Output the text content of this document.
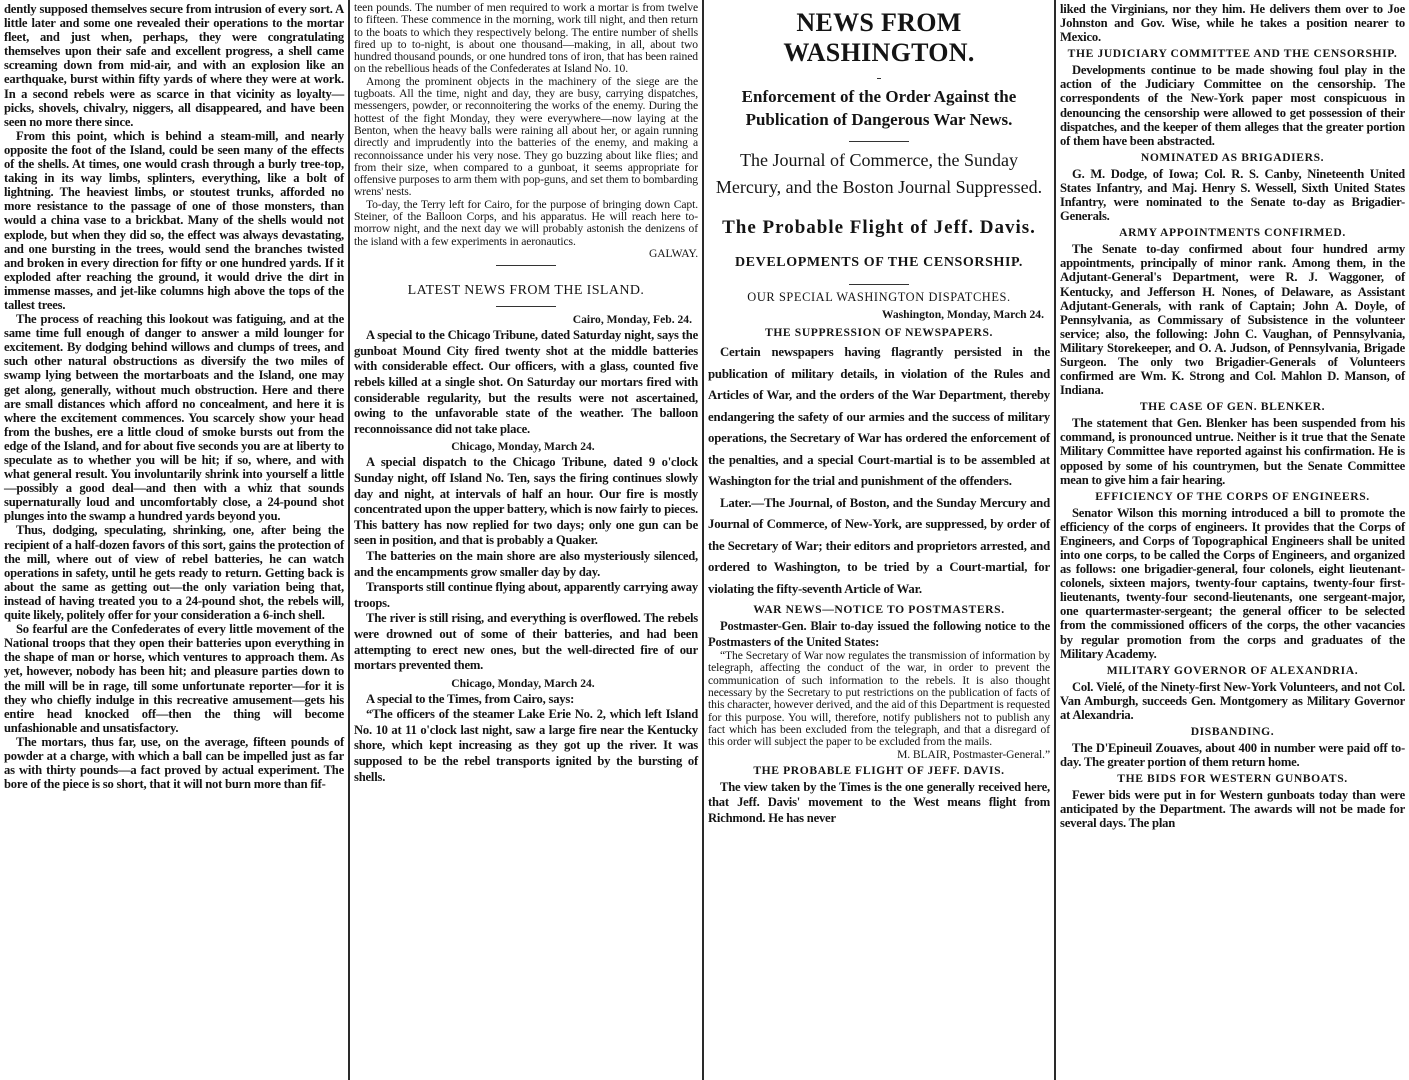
dently supposed themselves secure from intrusion of every sort. A little later and some one revealed their operations to the mortar fleet, and just when, perhaps, they were congratulating themselves upon their safe and excellent progress, a shell came screaming down from mid-air, and with an explosion like an earthquake, burst within fifty yards of where they were at work. In a second rebels were as scarce in that vicinity as loyalty—picks, shovels, chivalry, niggers, all disappeared, and have been seen no more there since.

From this point, which is behind a steam-mill, and nearly opposite the foot of the Island, could be seen many of the effects of the shells. At times, one would crash through a burly tree-top, taking in its way limbs, splinters, everything, like a bolt of lightning. The heaviest limbs, or stoutest trunks, afforded no more resistance to the passage of one of those monsters, than would a china vase to a brickbat. Many of the shells would not explode, but when they did so, the effect was always devastating, and one bursting in the trees, would send the branches twisted and broken in every direction for fifty or one hundred yards. If it exploded after reaching the ground, it would drive the dirt in immense masses, and jet-like columns high above the tops of the tallest trees.

The process of reaching this lookout was fatiguing, and at the same time full enough of danger to answer a mild lounger for excitement. By dodging behind willows and clumps of trees, and such other natural obstructions as diversify the two miles of swamp lying between the mortarboats and the Island, one may get along, generally, without much obstruction. Here and there are small distances which afford no concealment, and here it is where the excitement commences. You scarcely show your head from the bushes, ere a little cloud of smoke bursts out from the edge of the Island, and for about five seconds you are at liberty to speculate as to whether you will be hit; if so, where, and with what general result. You involuntarily shrink into yourself a little—possibly a good deal—and then with a whiz that sounds supernaturally loud and uncomfortably close, a 24-pound shot plunges into the swamp a hundred yards beyond you.

Thus, dodging, speculating, shrinking, one, after being the recipient of a half-dozen favors of this sort, gains the protection of the mill, where out of view of rebel batteries, he can watch operations in safety, until he gets ready to return. Getting back is about the same as getting out—the only variation being that, instead of having treated you to a 24-pound shot, the rebels will, quite likely, politely offer for your consideration a 6-inch shell.

So fearful are the Confederates of every little movement of the National troops that they open their batteries upon everything in the shape of man or horse, which ventures to approach them. As yet, however, nobody has been hit; and pleasure parties down to the mill will be in rage, till some unfortunate reporter—for it is they who chiefly indulge in this recreative amusement—gets his entire head knocked off—then the thing will become unfashionable and unsatisfactory.

The mortars, thus far, use, on the average, fifteen pounds of powder at a charge, with which a ball can be impelled just as far as with thirty pounds—a fact proved by actual experiment. The bore of the piece is so short, that it will not burn more than fif-

teen pounds. The number of men required to work a mortar is from twelve to fifteen. These commence in the morning, work till night, and then return to the boats to which they respectively belong. The entire number of shells fired up to to-night, is about one thousand—making, in all, about two hundred thousand pounds, or one hundred tons of iron, that has been rained on the rebellious heads of the Confederates at Island No. 10.

Among the prominent objects in the machinery of the siege are the tugboats. All the time, night and day, they are busy, carrying dispatches, messengers, powder, or reconnoitering the works of the enemy. During the hottest of the fight Monday, they were everywhere—now laying at the Benton, when the heavy balls were raining all about her, or again running directly and imprudently into the batteries of the enemy, and making a reconnoissance under his very nose. They go buzzing about like flies; and from their size, when compared to a gunboat, it seems appropriate for offensive purposes to arm them with pop-guns, and set them to bombarding wrens' nests.

To-day, the Terry left for Cairo, for the purpose of bringing down Capt. Steiner, of the Balloon Corps, and his apparatus. He will reach here to-morrow night, and the next day we will probably astonish the denizens of the island with a few experiments in aeronautics.

GALWAY.

LATEST NEWS FROM THE ISLAND.
Cairo, Monday, Feb. 24.

A special to the Chicago Tribune, dated Saturday night, says the gunboat Mound City fired twenty shot at the middle batteries with considerable effect. Our officers, with a glass, counted five rebels killed at a single shot. On Saturday our mortars fired with considerable regularity, but the results were not ascertained, owing to the unfavorable state of the weather. The balloon reconnoissance did not take place.

Chicago, Monday, March 24.

A special dispatch to the Chicago Tribune, dated 9 o'clock Sunday night, off Island No. Ten, says the firing continues slowly day and night, at intervals of half an hour. Our fire is mostly concentrated upon the upper battery, which is now fairly to pieces. This battery has now replied for two days; only one gun can be seen in position, and that is probably a Quaker.

The batteries on the main shore are also mysteriously silenced, and the encampments grow smaller day by day.

Transports still continue flying about, apparently carrying away troops.

The river is still rising, and everything is overflowed. The rebels were drowned out of some of their batteries, and had been attempting to erect new ones, but the well-directed fire of our mortars prevented them.

Chicago, Monday, March 24.

A special to the Times, from Cairo, says:

“The officers of the steamer Lake Erie No. 2, which left Island No. 10 at 11 o'clock last night, saw a large fire near the Kentucky shore, which kept increasing as they got up the river. It was supposed to be the rebel transports ignited by the bursting of shells.

NEWS FROM WASHINGTON.
Enforcement of the Order Against the Publication of Dangerous War News.
The Journal of Commerce, the Sunday Mercury, and the Boston Journal Suppressed.
The Probable Flight of Jeff. Davis.
DEVELOPMENTS OF THE CENSORSHIP.
OUR SPECIAL WASHINGTON DISPATCHES.
Washington, Monday, March 24.
THE SUPPRESSION OF NEWSPAPERS.

Certain newspapers having flagrantly persisted in the publication of military details, in violation of the Rules and Articles of War, and the orders of the War Department, thereby endangering the safety of our armies and the success of military operations, the Secretary of War has ordered the enforcement of the penalties, and a special Court-martial is to be assembled at Washington for the trial and punishment of the offenders.

Later.—The Journal, of Boston, and the Sunday Mercury and Journal of Commerce, of New-York, are suppressed, by order of the Secretary of War; their editors and proprietors arrested, and ordered to Washington, to be tried by a Court-martial, for violating the fifty-seventh Article of War.

WAR NEWS—NOTICE TO POSTMASTERS.

Postmaster-Gen. Blair to-day issued the following notice to the Postmasters of the United States:

“The Secretary of War now regulates the transmission of information by telegraph, affecting the conduct of the war, in order to prevent the communication of such information to the rebels. It is also thought necessary by the Secretary to put restrictions on the publication of facts of this character, however derived, and the aid of this Department is requested for this purpose. You will, therefore, notify publishers not to publish any fact which has been excluded from the telegraph, and that a disregard of this order will subject the paper to be excluded from the mails.

M. BLAIR, Postmaster-General.”

THE PROBABLE FLIGHT OF JEFF. DAVIS.

The view taken by the Times is the one generally received here, that Jeff. Davis' movement to the West means flight from Richmond. He has never

liked the Virginians, nor they him. He delivers them over to Joe Johnston and Gov. Wise, while he takes a position nearer to Mexico.

THE JUDICIARY COMMITTEE AND THE CENSORSHIP.

Developments continue to be made showing foul play in the action of the Judiciary Committee on the censorship. The correspondents of the New-York paper most conspicuous in denouncing the censorship were allowed to get possession of their dispatches, and the keeper of them alleges that the greater portion of them have been abstracted.

NOMINATED AS BRIGADIERS.

G. M. Dodge, of Iowa; Col. R. S. Canby, Nineteenth United States Infantry, and Maj. Henry S. Wessell, Sixth United States Infantry, were nominated to the Senate to-day as Brigadier-Generals.

ARMY APPOINTMENTS CONFIRMED.

The Senate to-day confirmed about four hundred army appointments, principally of minor rank. Among them, in the Adjutant-General's Department, were R. J. Waggoner, of Kentucky, and Jefferson H. Nones, of Delaware, as Assistant Adjutant-Generals, with rank of Captain; John A. Doyle, of Pennsylvania, as Commissary of Subsistence in the volunteer service; also, the following: John C. Vaughan, of Pennsylvania, Military Storekeeper, and O. A. Judson, of Pennsylvania, Brigade Surgeon. The only two Brigadier-Generals of Volunteers confirmed are Wm. K. Strong and Col. Mahlon D. Manson, of Indiana.

THE CASE OF GEN. BLENKER.

The statement that Gen. Blenker has been suspended from his command, is pronounced untrue. Neither is it true that the Senate Military Committee have reported against his confirmation. He is opposed by some of his countrymen, but the Senate Committee mean to give him a fair hearing.

EFFICIENCY OF THE CORPS OF ENGINEERS.

Senator Wilson this morning introduced a bill to promote the efficiency of the corps of engineers. It provides that the Corps of Engineers, and Corps of Topographical Engineers shall be united into one corps, to be called the Corps of Engineers, and organized as follows: one brigadier-general, four colonels, eight lieutenant-colonels, sixteen majors, twenty-four captains, twenty-four first-lieutenants, twenty-four second-lieutenants, one sergeant-major, one quartermaster-sergeant; the general officer to be selected from the commissioned officers of the corps, the other vacancies by regular promotion from the corps and graduates of the Military Academy.

MILITARY GOVERNOR OF ALEXANDRIA.

Col. Vielé, of the Ninety-first New-York Volunteers, and not Col. Van Amburgh, succeeds Gen. Montgomery as Military Governor at Alexandria.

DISBANDING.

The D'Epineuil Zouaves, about 400 in number were paid off to-day. The greater portion of them return home.

THE BIDS FOR WESTERN GUNBOATS.

Fewer bids were put in for Western gunboats today than were anticipated by the Department. The awards will not be made for several days. The plan
